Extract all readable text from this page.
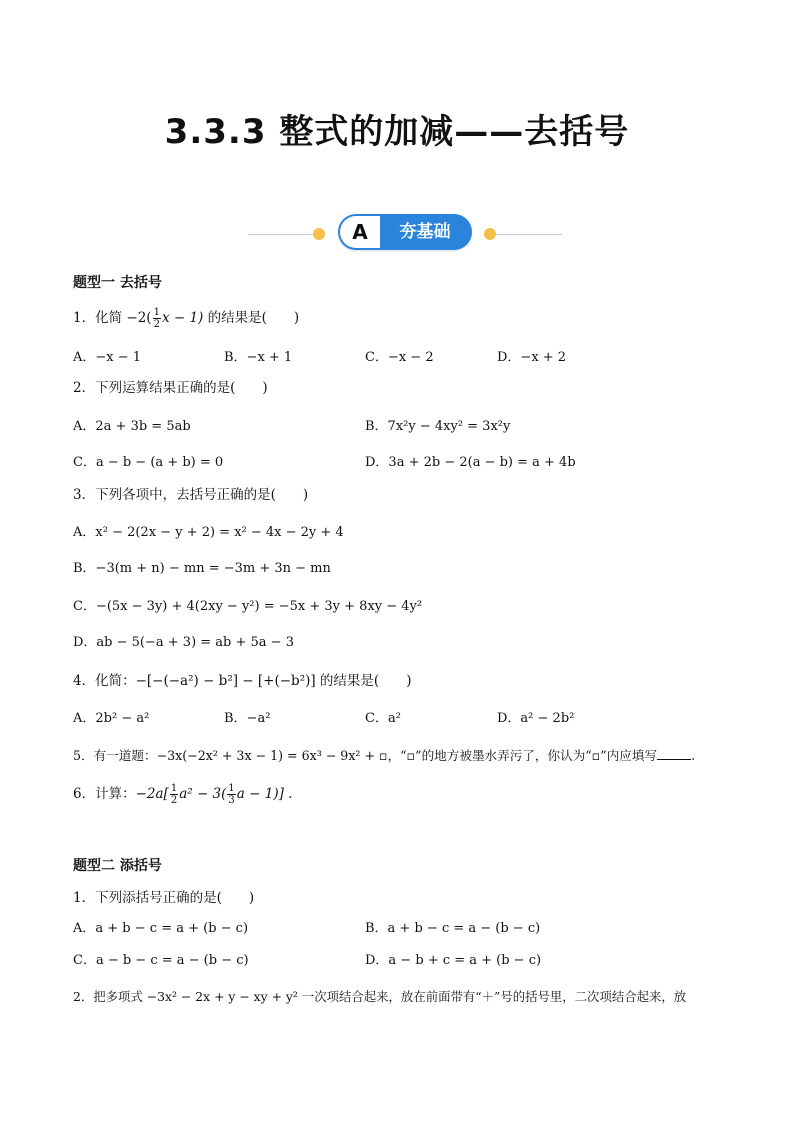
3.3.3 整式的加减——去括号
A	夯基础
题型一 去括号
1．化简 $-2( \frac{1}{2}$ x − 1) 的结果是(　　)
A．−x − 1	B．−x + 1	C．−x − 2	D．−x + 2
2．下列运算结果正确的是(　　)
A．2a + 3b = 5ab	B．7x²y − 4xy² = 3x²y
C．a − b − (a + b) = 0	D．3a + 2b − 2(a − b) = a + 4b
3．下列各项中，去括号正确的是(　　)
A．x² − 2(2x − y + 2) = x² − 4x − 2y + 4
B．−3(m + n) − mn = −3m + 3n − mn
C．−(5x − 3y) + 4(2xy − y²) = −5x + 3y + 8xy − 4y²
D．ab − 5(−a + 3) = ab + 5a − 3
4．化简：−[−(−a²) − b²] − [+(−b²)] 的结果是(　　)
A．2b² − a²	B．−a²	C．a²	D．a² − 2b²
5．有一道题：−3x(−2x² + 3x − 1) = 6x³ − 9x² + ▫，“▫”的地方被墨水弄污了，你认为“▫”内应填写	.
6．计算：$-2a[ \frac{1}{2} a^2 - 3( \frac{1}{3}$ a − 1)] .
题型二 添括号
1．下列添括号正确的是(　　)
A．a + b − c = a + (b − c)	B．a + b − c = a − (b − c)
C．a − b − c = a − (b − c)	D．a − b + c = a + (b − c)
2．把多项式 −3x² − 2x + y − xy + y² 一次项结合起来，放在前面带有“＋”号的括号里，二次项结合起来，放
